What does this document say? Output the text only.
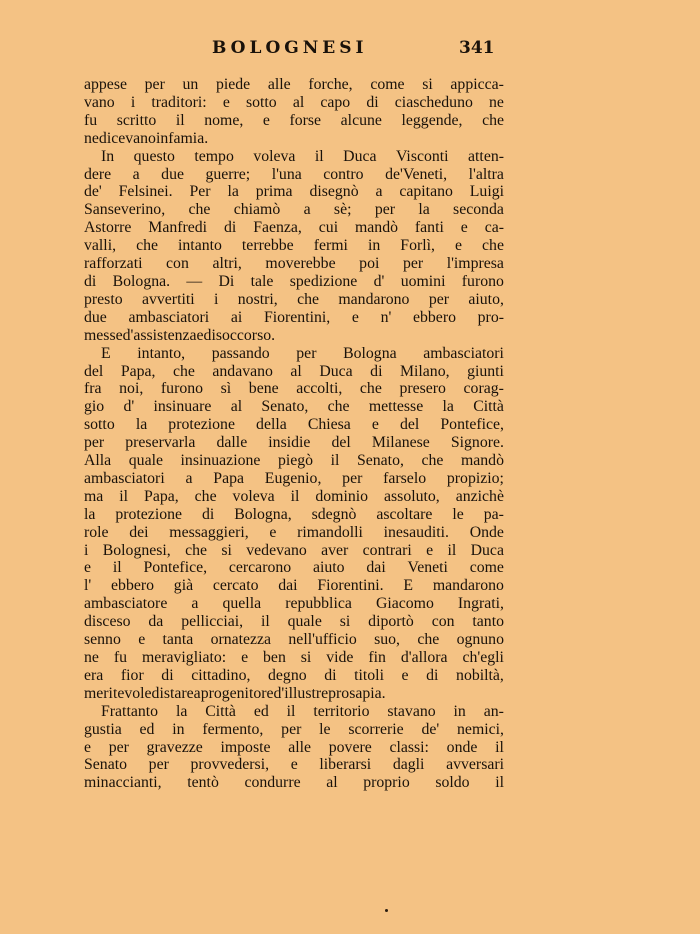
BOLOGNESI	341
appese per un piede alle forche, come si appicca-
vano i traditori: e sotto al capo di ciascheduno ne
fu scritto il nome, e forse alcune leggende, che
ne dicevano infamia.
In questo tempo voleva il Duca Visconti atten-
dere a due guerre; l'una contro de'Veneti, l'altra
de' Felsinei. Per la prima disegnò a capitano Luigi
Sanseverino, che chiamò a sè; per la seconda
Astorre Manfredi di Faenza, cui mandò fanti e ca-
valli, che intanto terrebbe fermi in Forlì, e che
rafforzati con altri, moverebbe poi per l'impresa
di Bologna. — Di tale spedizione d' uomini furono
presto avvertiti i nostri, che mandarono per aiuto,
due ambasciatori ai Fiorentini, e n' ebbero pro-
messe d' assistenza e di soccorso.
E intanto, passando per Bologna ambasciatori
del Papa, che andavano al Duca di Milano, giunti
fra noi, furono sì bene accolti, che presero corag-
gio d' insinuare al Senato, che mettesse la Città
sotto la protezione della Chiesa e del Pontefice,
per preservarla dalle insidie del Milanese Signore.
Alla quale insinuazione piegò il Senato, che mandò
ambasciatori a Papa Eugenio, per farselo propizio;
ma il Papa, che voleva il dominio assoluto, anzichè
la protezione di Bologna, sdegnò ascoltare le pa-
role dei messaggieri, e rimandolli inesauditi. Onde
i Bolognesi, che si vedevano aver contrari e il Duca
e il Pontefice, cercarono aiuto dai Veneti come
l' ebbero già cercato dai Fiorentini. E mandarono
ambasciatore a quella repubblica Giacomo Ingrati,
disceso da pellicciai, il quale si diportò con tanto
senno e tanta ornatezza nell'ufficio suo, che ognuno
ne fu meravigliato: e ben si vide fin d'allora ch'egli
era fior di cittadino, degno di titoli e di nobiltà,
meritevole di stare a progenitore d'illustre prosapia.
Frattanto la Città ed il territorio stavano in an-
gustia ed in fermento, per le scorrerie de' nemici,
e per gravezze imposte alle povere classi: onde il
Senato per provvedersi, e liberarsi dagli avversari
minaccianti, tentò condurre al proprio soldo il
